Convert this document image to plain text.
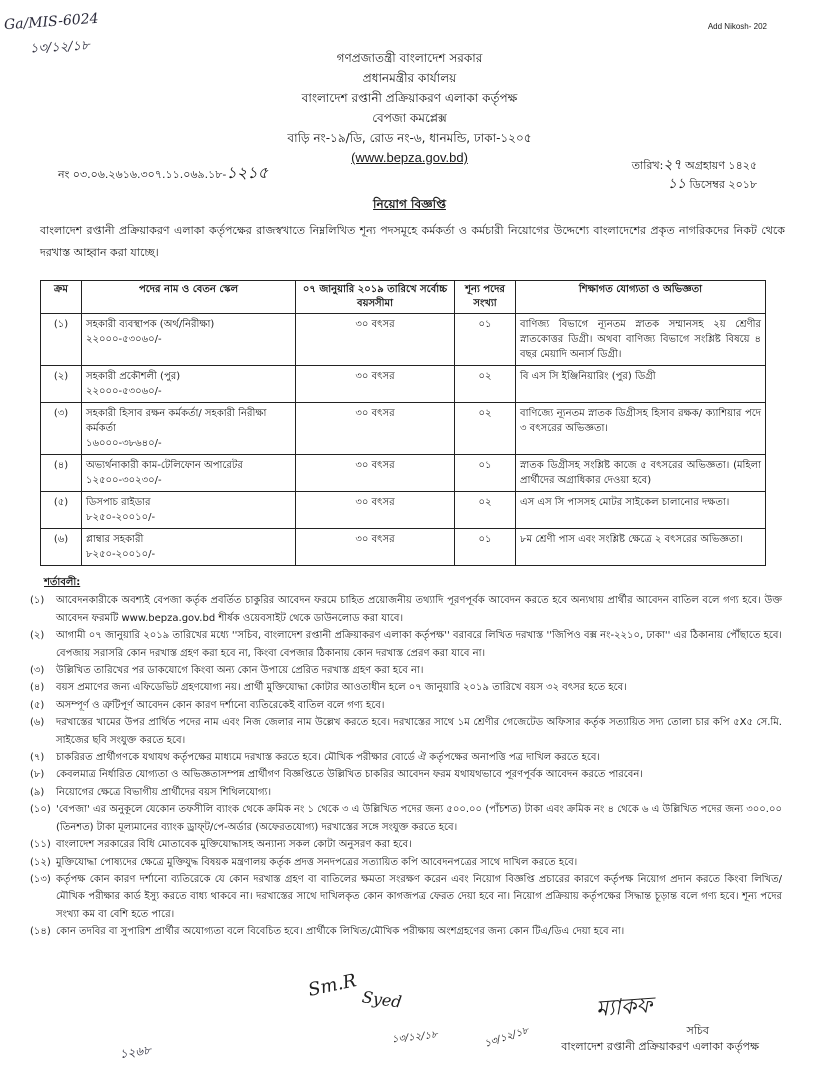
Ga/MIS-6024
১৩/১২/১৮
Add Nikosh- 202
গণপ্রজাতন্ত্রী বাংলাদেশ সরকার
প্রধানমন্ত্রীর কার্যালয়
বাংলাদেশ রপ্তানী প্রক্রিয়াকরণ এলাকা কর্তৃপক্ষ
বেপজা কমপ্লেক্স
বাড়ি নং-১৯/ডি, রোড নং-৬, ধানমন্ডি, ঢাকা-১২০৫
(www.bepza.gov.bd)
নং ০৩.০৬.২৬১৬.৩০৭.১১.০৬৯.১৮-১২১৫	তারিখ:২৭ অগ্রহায়ণ ১৪২৫
১১ ডিসেম্বর ২০১৮
নিয়োগ বিজ্ঞপ্তি
বাংলাদেশ রপ্তানী প্রক্রিয়াকরণ এলাকা কর্তৃপক্ষের রাজস্বখাতে নিম্নলিখিত শূন্য পদসমূহে কর্মকর্তা ও কর্মচারী নিয়োগের উদ্দেশ্যে বাংলাদেশের প্রকৃত নাগরিকদের নিকট থেকে দরখাস্ত আহ্বান করা যাচ্ছে।
ক্রম	পদের নাম ও বেতন স্কেল	০৭ জানুয়ারি ২০১৯ তারিখে সর্বোচ্চ বয়সসীমা	শূন্য পদের সংখ্যা	শিক্ষাগত যোগ্যতা ও অভিজ্ঞতা
(১)	সহকারী ব্যবস্থাপক (অর্থ/নিরীক্ষা)
২২০০০-৫৩০৬০/-	৩০ বৎসর	০১	বাণিজ্য বিভাগে ন্যূনতম স্নাতক সম্মানসহ ২য় শ্রেণীর স্নাতকোত্তর ডিগ্রী। অথবা বাণিজ্য বিভাগে সংশ্লিষ্ট বিষয়ে ৪ বছর মেয়াদি অনার্স ডিগ্রী।
(২)	সহকারী প্রকৌশলী (পুর)
২২০০০-৫৩০৬০/-	৩০ বৎসর	০২	বি এস সি ইঞ্জিনিয়ারিং (পুর) ডিগ্রী
(৩)	সহকারী হিসাব রক্ষন কর্মকর্তা/ সহকারী নিরীক্ষা কর্মকর্তা
১৬০০০-৩৮৬৪০/-	৩০ বৎসর	০২	বাণিজ্যে ন্যূনতম স্নাতক ডিগ্রীসহ হিসাব রক্ষক/ ক্যাশিয়ার পদে ৩ বৎসরের অভিজ্ঞতা।
(৪)	অভ্যর্থনাকারী কাম-টেলিফোন অপারেটর
১২৫০০-৩০২৩০/-	৩০ বৎসর	০১	স্নাতক ডিগ্রীসহ সংশ্লিষ্ট কাজে ৫ বৎসরের অভিজ্ঞতা। (মহিলা প্রার্থীদের অগ্রাধিকার দেওয়া হবে)
(৫)	ডিসপাচ রাইডার
৮২৫০-২০০১০/-	৩০ বৎসর	০২	এস এস সি পাসসহ মোটর সাইকেল চালানোর দক্ষতা।
(৬)	প্লাম্বার সহকারী
৮২৫০-২০০১০/-	৩০ বৎসর	০১	৮ম শ্রেণী পাস এবং সংশ্লিষ্ট ক্ষেত্রে ২ বৎসরের অভিজ্ঞতা।
শর্তাবলী:
(১)	আবেদনকারীকে অবশ্যই বেপজা কর্তৃক প্রবর্তিত চাকুরির আবেদন ফরমে চাহিত প্রয়োজনীয় তথ্যাদি পূরণপূর্বক আবেদন করতে হবে অন্যথায় প্রার্থীর আবেদন বাতিল বলে গণ্য হবে। উক্ত আবেদন ফরমটি www.bepza.gov.bd শীর্ষক ওয়েবসাইট থেকে ডাউনলোড করা যাবে।
(২)	আগামী ০৭ জানুয়ারি ২০১৯ তারিখের মধ্যে ''সচিব, বাংলাদেশ রপ্তানী প্রক্রিয়াকরণ এলাকা কর্তৃপক্ষ'' বরাবরে লিখিত দরখাস্ত ''জিপিও বক্স নং-২২১০, ঢাকা'' এর ঠিকানায় পৌঁছাতে হবে। বেপজায় সরাসরি কোন দরখাস্ত গ্রহণ করা হবে না, কিংবা বেপজার ঠিকানায় কোন দরখাস্ত প্রেরণ করা যাবে না।
(৩)	উল্লিখিত তারিখের পর ডাকযোগে কিংবা অন্য কোন উপায়ে প্রেরিত দরখাস্ত গ্রহণ করা হবে না।
(৪)	বয়স প্রমাণের জন্য এফিডেভিট গ্রহণযোগ্য নয়। প্রার্থী মুক্তিযোদ্ধা কোটার আওতাধীন হলে ০৭ জানুয়ারি ২০১৯ তারিখে বয়স ৩২ বৎসর হতে হবে।
(৫)	অসম্পূর্ণ ও ত্রুটিপূর্ণ আবেদন কোন কারণ দর্শানো ব্যতিরেকেই বাতিল বলে গণ্য হবে।
(৬)	দরখাস্তের খামের উপর প্রার্থিত পদের নাম এবং নিজ জেলার নাম উল্লেখ করতে হবে। দরখাস্তের সাথে ১ম শ্রেণীর গেজেটেড অফিসার কর্তৃক সত্যায়িত সদ্য তোলা চার কপি ৫X৫ সে.মি. সাইজের ছবি সংযুক্ত করতে হবে।
(৭)	চাকরিরত প্রার্থীগণকে যথাযথ কর্তৃপক্ষের মাধ্যমে দরখাস্ত করতে হবে। মৌখিক পরীক্ষার বোর্ডে ঐ কর্তৃপক্ষের অনাপত্তি পত্র দাখিল করতে হবে।
(৮)	কেবলমাত্র নির্ধারিত যোগ্যতা ও অভিজ্ঞতাসম্পন্ন প্রার্থীগণ বিজ্ঞপ্তিতে উল্লিখিত চাকরির আবেদন ফরম যথাযথভাবে পূরণপূর্বক আবেদন করতে পারবেন।
(৯)	নিয়োগের ক্ষেত্রে বিভাগীয় প্রার্থীদের বয়স শিথিলযোগ্য।
(১০) 'বেপজা' এর অনুকূলে যেকোন তফসীলি ব্যাংক থেকে ক্রমিক নং ১ থেকে ৩ এ উল্লিখিত পদের জন্য ৫০০.০০ (পাঁচশত) টাকা এবং ক্রমিক নং ৪ থেকে ৬ এ উল্লিখিত পদের জন্য ৩০০.০০ (তিনশত) টাকা মূল্যমানের ব্যাংক ড্রাফ্‌ট/পে-অর্ডার (অফেরতযোগ্য) দরখাস্তের সঙ্গে সংযুক্ত করতে হবে।
(১১) বাংলাদেশ সরকারের বিধি মোতাবেক মুক্তিযোদ্ধাসহ অন্যান্য সকল কোটা অনুসরণ করা হবে।
(১২) মুক্তিযোদ্ধা পোষ্যদের ক্ষেত্রে মুক্তিযুদ্ধ বিষয়ক মন্ত্রণালয় কর্তৃক প্রদত্ত সনদপত্রের সত্যায়িত কপি আবেদনপত্রের সাথে দাখিল করতে হবে।
(১৩) কর্তৃপক্ষ কোন কারণ দর্শানো ব্যতিরেকে যে কোন দরখাস্ত গ্রহণ বা বাতিলের ক্ষমতা সংরক্ষণ করেন এবং নিয়োগ বিজ্ঞপ্তি প্রচারের কারণে কর্তৃপক্ষ নিয়োগ প্রদান করতে কিংবা লিখিত/মৌখিক পরীক্ষার কার্ড ইস্যু করতে বাধ্য থাকবে না। দরখাস্তের সাথে দাখিলকৃত কোন কাগজপত্র ফেরত দেয়া হবে না। নিয়োগ প্রক্রিয়ায় কর্তৃপক্ষের সিদ্ধান্ত চূড়ান্ত বলে গণ্য হবে। শূন্য পদের সংখ্যা কম বা বেশি হতে পারে।
(১৪) কোন তদবির বা সুপারিশ প্রার্থীর অযোগ্যতা বলে বিবেচিত হবে। প্রার্থীকে লিখিত/মৌখিক পরীক্ষায় অংশগ্রহণের জন্য কোন টিএ/ডিএ দেয়া হবে না।
Sm.R Syed
১৩/১২/১৮	১৩/১২/১৮
ম্যাকফ
১২৬৮
সচিব
বাংলাদেশ রপ্তানী প্রক্রিয়াকরণ এলাকা কর্তৃপক্ষ
